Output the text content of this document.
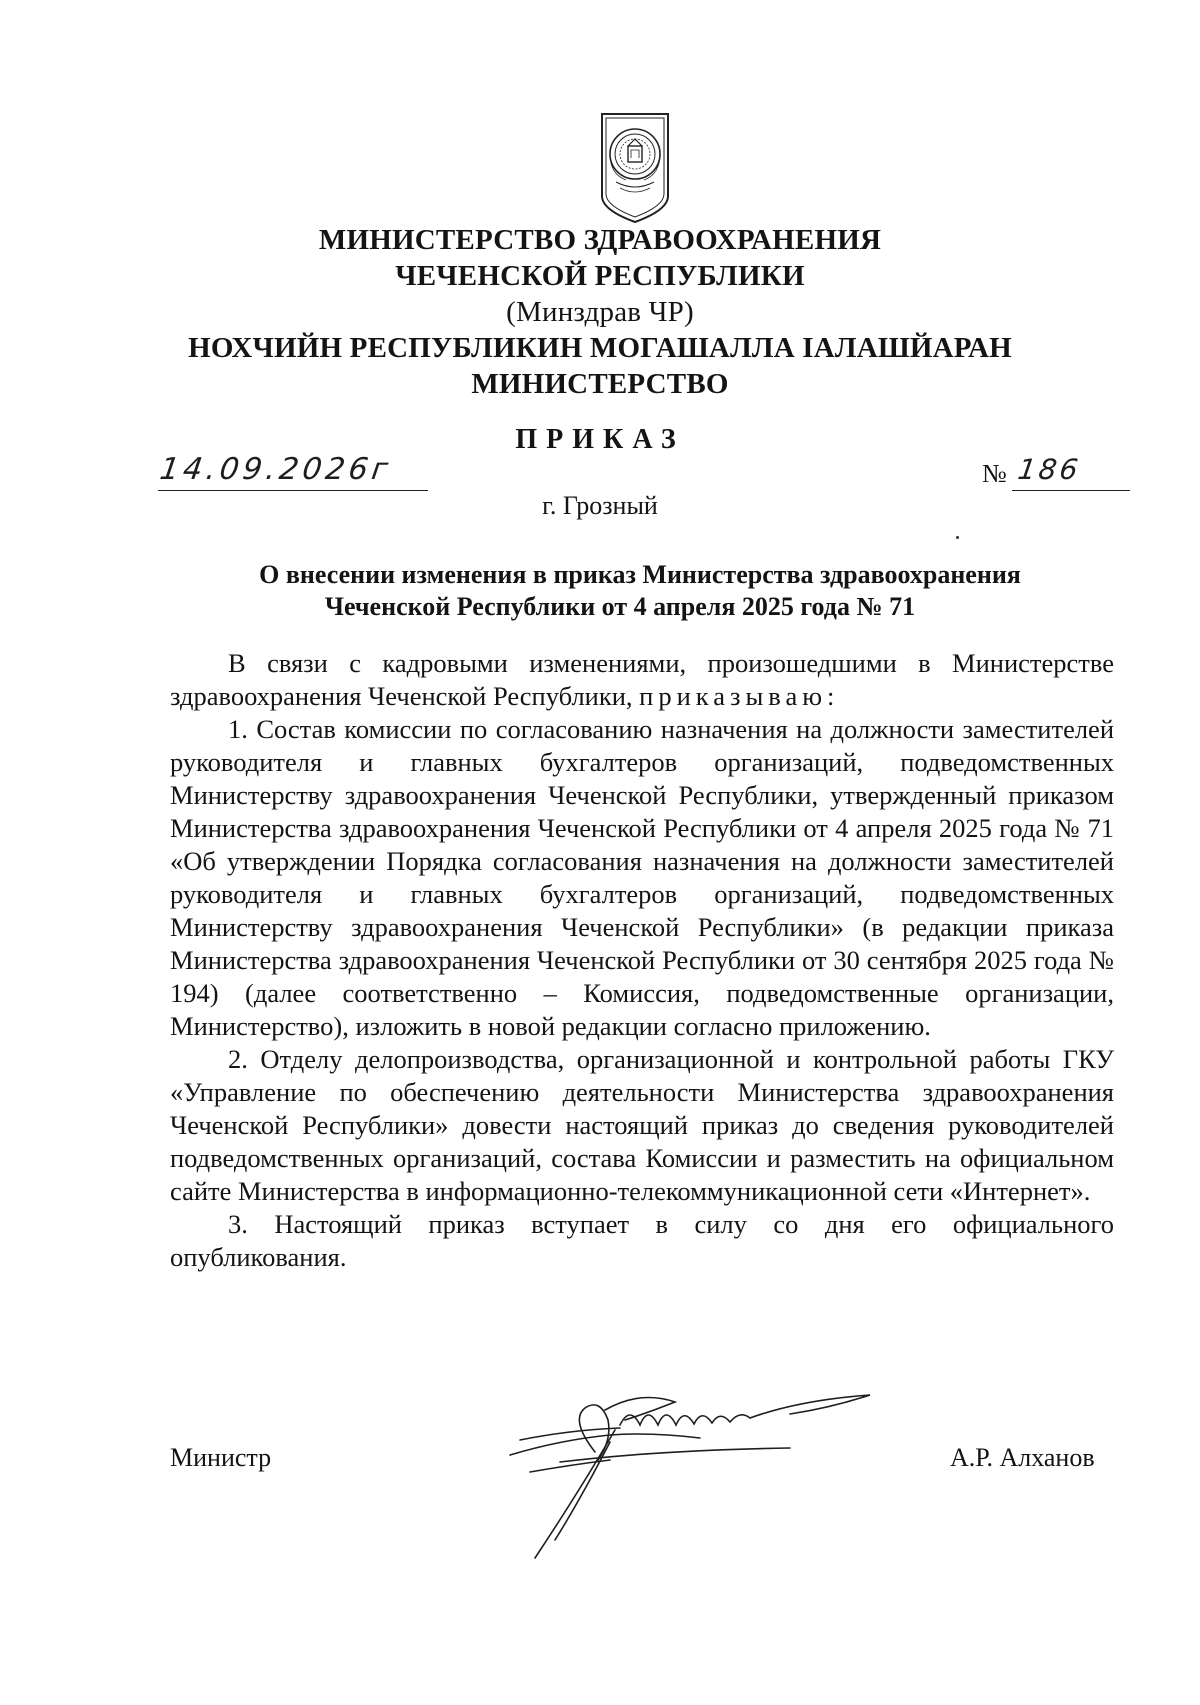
МИНИСТЕРСТВО ЗДРАВООХРАНЕНИЯ
ЧЕЧЕНСКОЙ РЕСПУБЛИКИ
(Минздрав ЧР)
НОХЧИЙН РЕСПУБЛИКИН МОГАШАЛЛА ІАЛАШЙАРАН
МИНИСТЕРСТВО
ПРИКАЗ
14.09.2026г	№ 186
г. Грозный
О внесении изменения в приказ Министерства здравоохранения
Чеченской Республики от 4 апреля 2025 года № 71

В связи с кадровыми изменениями, произошедшими в Министерстве здравоохранения Чеченской Республики, приказываю:

1. Состав комиссии по согласованию назначения на должности заместителей руководителя и главных бухгалтеров организаций, подведомственных Министерству здравоохранения Чеченской Республики, утвержденный приказом Министерства здравоохранения Чеченской Республики от 4 апреля 2025 года № 71 «Об утверждении Порядка согласования назначения на должности заместителей руководителя и главных бухгалтеров организаций, подведомственных Министерству здравоохранения Чеченской Республики» (в редакции приказа Министерства здравоохранения Чеченской Республики от 30 сентября 2025 года № 194) (далее соответственно – Комиссия, подведомственные организации, Министерство), изложить в новой редакции согласно приложению.

2. Отделу делопроизводства, организационной и контрольной работы ГКУ «Управление по обеспечению деятельности Министерства здравоохранения Чеченской Республики» довести настоящий приказ до сведения руководителей подведомственных организаций, состава Комиссии и разместить на официальном сайте Министерства в информационно-телекоммуникационной сети «Интернет».

3. Настоящий приказ вступает в силу со дня его официального опубликования.

Министр	А.Р. Алханов
